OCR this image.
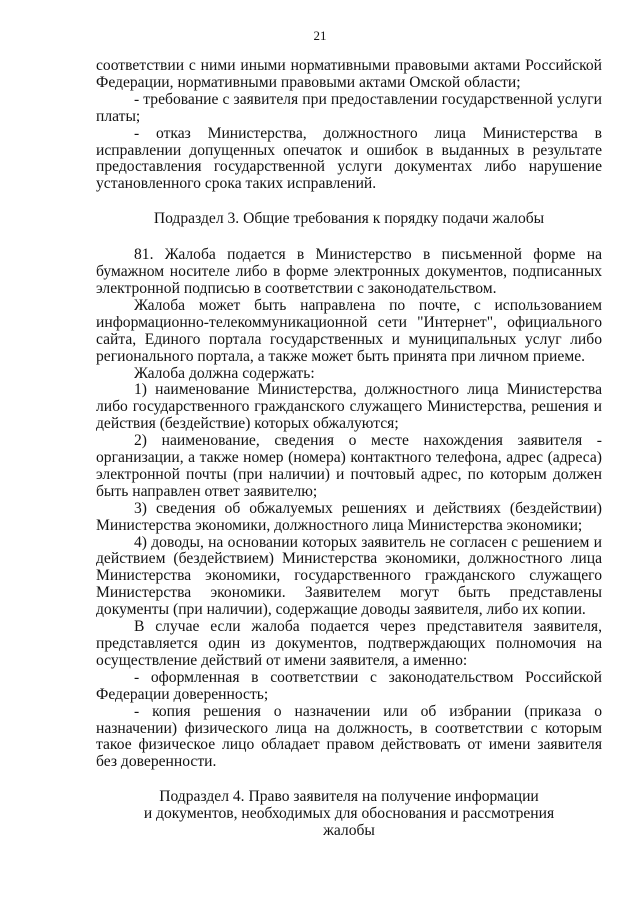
21

соответствии с ними иными нормативными правовыми актами Российской Федерации, нормативными правовыми актами Омской области;

- требование с заявителя при предоставлении государственной услуги платы;

- отказ Министерства, должностного лица Министерства в исправлении допущенных опечаток и ошибок в выданных в результате предоставления государственной услуги документах либо нарушение установленного срока таких исправлений.

Подраздел 3. Общие требования к порядку подачи жалобы

81. Жалоба подается в Министерство в письменной форме на бумажном носителе либо в форме электронных документов, подписанных электронной подписью в соответствии с законодательством.

Жалоба может быть направлена по почте, с использованием информационно-телекоммуникационной сети "Интернет", официального сайта, Единого портала государственных и муниципальных услуг либо регионального портала, а также может быть принята при личном приеме.

Жалоба должна содержать:

1) наименование Министерства, должностного лица Министерства либо государственного гражданского служащего Министерства, решения и действия (бездействие) которых обжалуются;

2) наименование, сведения о месте нахождения заявителя - организации, а также номер (номера) контактного телефона, адрес (адреса) электронной почты (при наличии) и почтовый адрес, по которым должен быть направлен ответ заявителю;

3) сведения об обжалуемых решениях и действиях (бездействии) Министерства экономики, должностного лица Министерства экономики;

4) доводы, на основании которых заявитель не согласен с решением и действием (бездействием) Министерства экономики, должностного лица Министерства экономики, государственного гражданского служащего Министерства экономики. Заявителем могут быть представлены документы (при наличии), содержащие доводы заявителя, либо их копии.

В случае если жалоба подается через представителя заявителя, представляется один из документов, подтверждающих полномочия на осуществление действий от имени заявителя, а именно:

- оформленная в соответствии с законодательством Российской Федерации доверенность;

- копия решения о назначении или об избрании (приказа о назначении) физического лица на должность, в соответствии с которым такое физическое лицо обладает правом действовать от имени заявителя без доверенности.

Подраздел 4. Право заявителя на получение информации
и документов, необходимых для обоснования и рассмотрения
жалобы
